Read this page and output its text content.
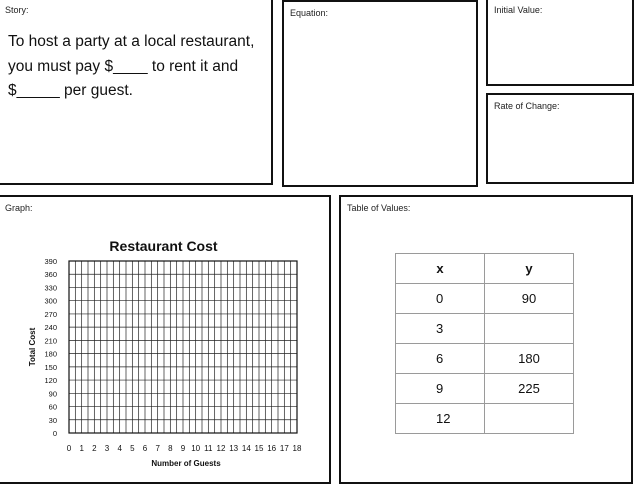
Story:
To host a party at a local restaurant, you must pay $____ to rent it and $_____ per guest.
Equation:	Initial Value:
Rate of Change:
Graph:	Table of Values:
Restaurant Cost
0 1 2 3 4 5 6 7 8 9 10 11 12 13 14 15 16 17 18
0
30
60
90
120
150
180
210
240
270
300
330
360
390
Number of Guests
Total Cost
x	y
0	90
3	
6	180
9	225
12	
